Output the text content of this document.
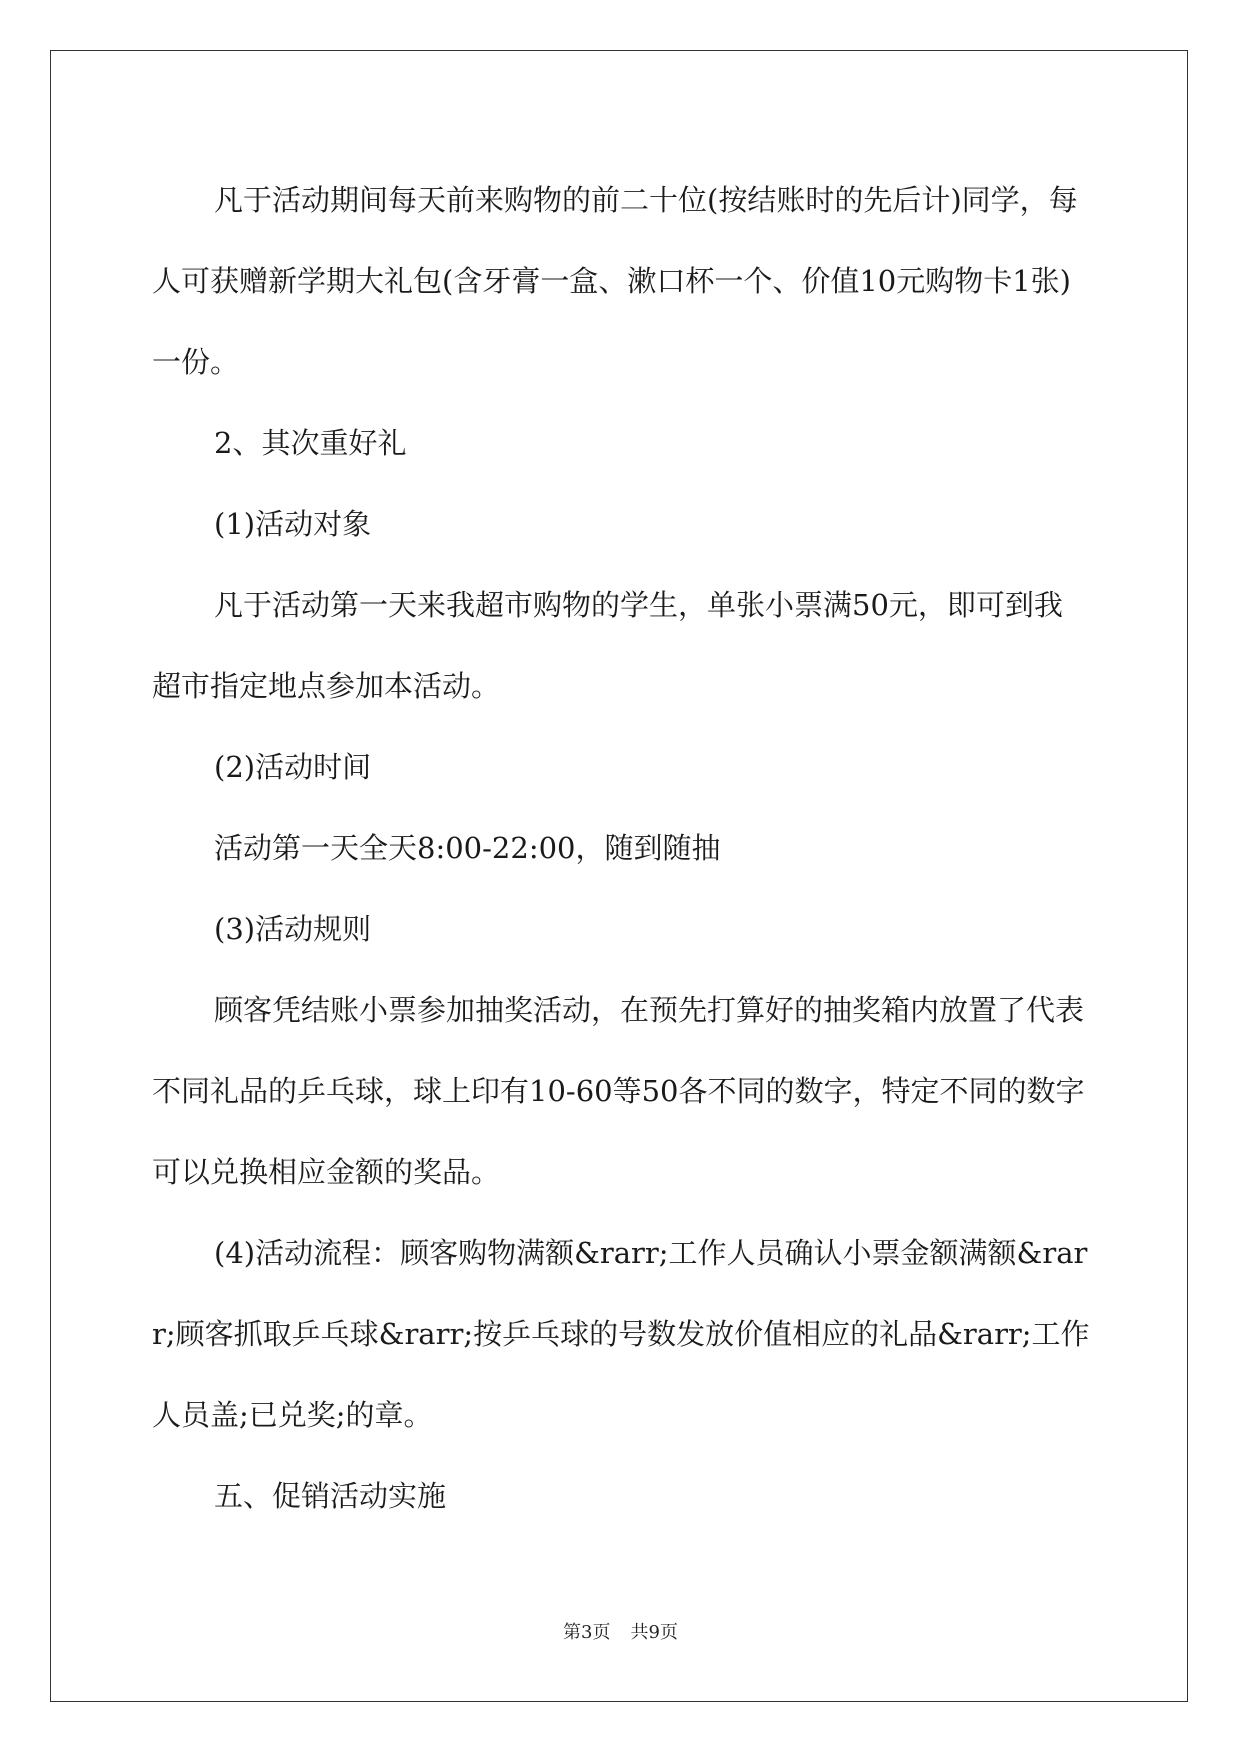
凡于活动期间每天前来购物的前二十位(按结账时的先后计)同学，每人可获赠新学期大礼包(含牙膏一盒、漱口杯一个、价值10元购物卡1张)一份。

2、其次重好礼

(1)活动对象

凡于活动第一天来我超市购物的学生，单张小票满50元，即可到我超市指定地点参加本活动。

(2)活动时间

活动第一天全天8:00-22:00，随到随抽

(3)活动规则

顾客凭结账小票参加抽奖活动，在预先打算好的抽奖箱内放置了代表不同礼品的乒乓球，球上印有10-60等50各不同的数字，特定不同的数字可以兑换相应金额的奖品。

(4)活动流程：顾客购物满额&rarr;工作人员确认小票金额满额&rarr;顾客抓取乒乓球&rarr;按乒乓球的号数发放价值相应的礼品&rarr;工作人员盖;已兑奖;的章。

五、促销活动实施

第3页 共9页
